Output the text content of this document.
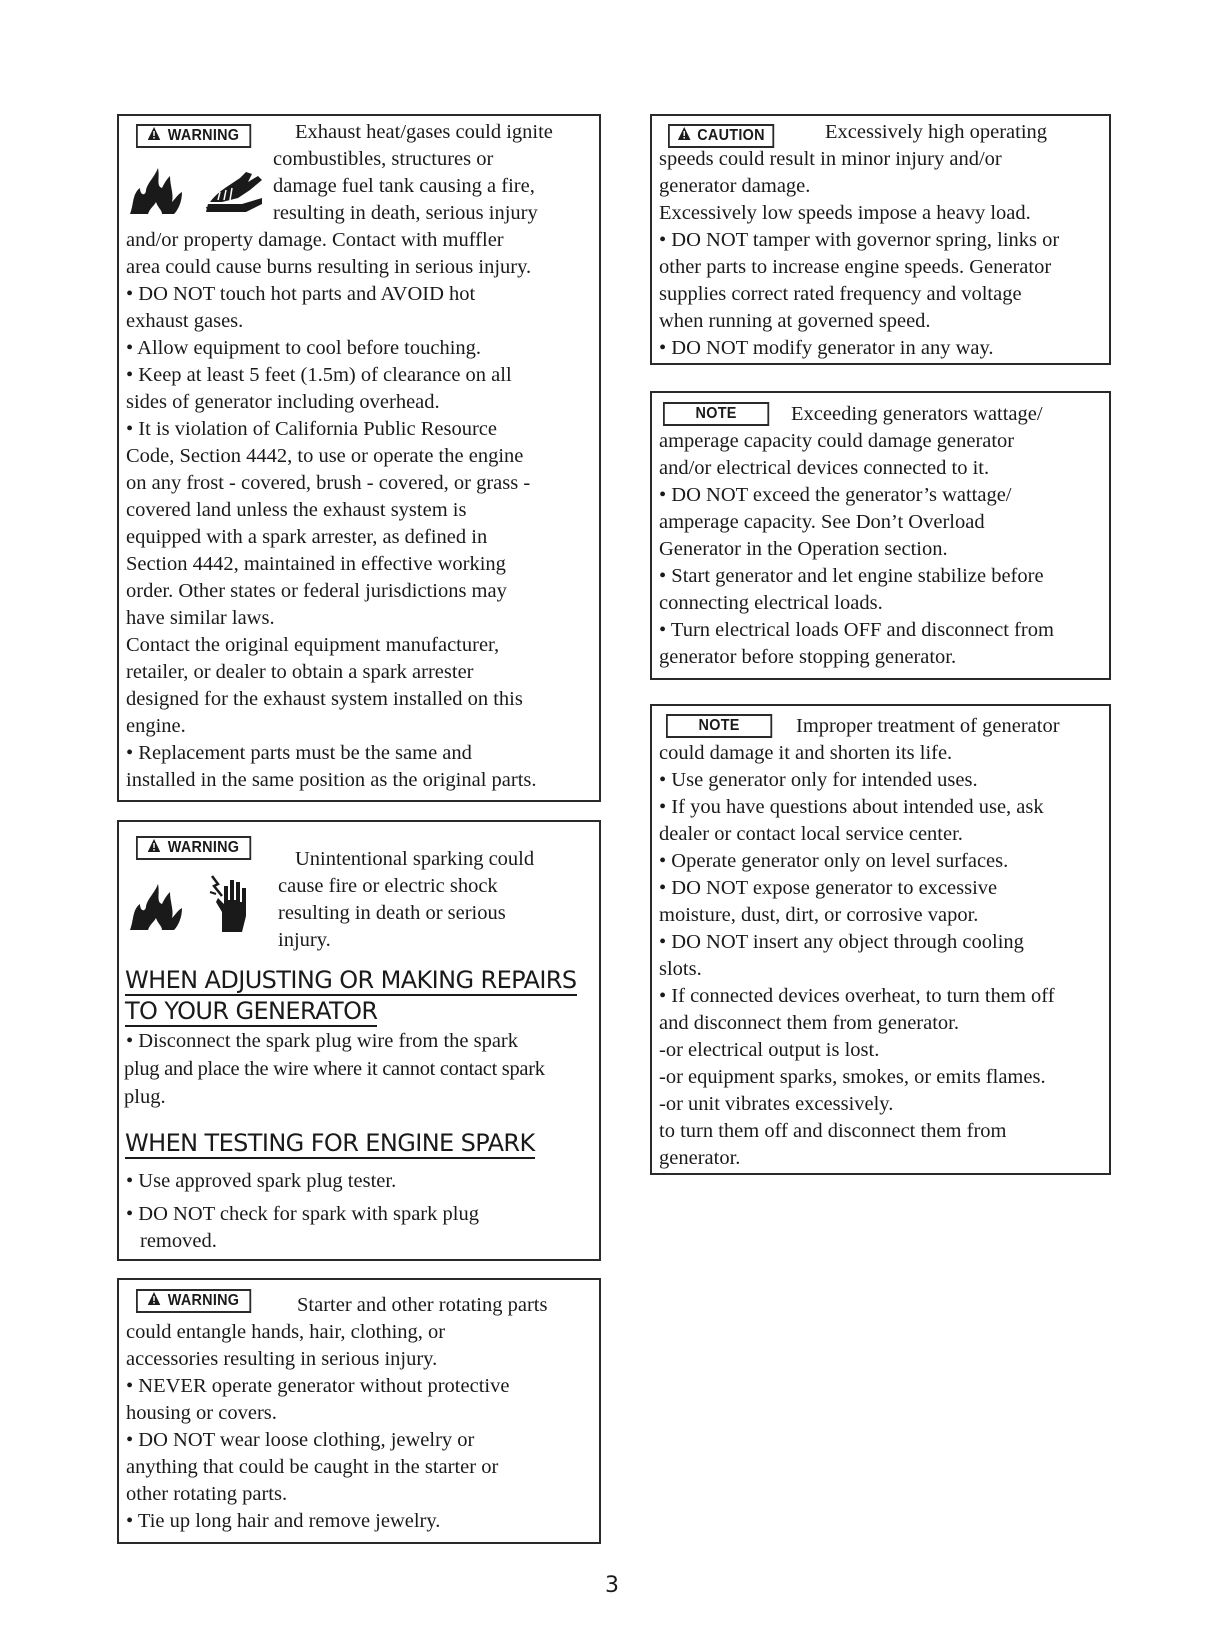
WARNING	Exhaust heat/gases could ignite
combustibles, structures or
damage fuel tank causing a fire,
resulting in death, serious injury
and/or property damage. Contact with muffler
area could cause burns resulting in serious injury.
• DO NOT touch hot parts and AVOID hot
exhaust gases.
• Allow equipment to cool before touching.
• Keep at least 5 feet (1.5m) of clearance on all
sides of generator including overhead.
• It is violation of California Public Resource
Code, Section 4442, to use or operate the engine
on any frost - covered, brush - covered, or grass -
covered land unless the exhaust system is
equipped with a spark arrester, as defined in
Section 4442, maintained in effective working
order. Other states or federal jurisdictions may
have similar laws.
Contact the original equipment manufacturer,
retailer, or dealer to obtain a spark arrester
designed for the exhaust system installed on this
engine.
• Replacement parts must be the same and
installed in the same position as the original parts.
WARNING
Unintentional sparking could
cause fire or electric shock
resulting in death or serious
injury.
WHEN ADJUSTING OR MAKING REPAIRS
TO YOUR GENERATOR
• Disconnect the spark plug wire from the spark
plug and place the wire where it cannot contact spark
plug.
WHEN TESTING FOR ENGINE SPARK
• Use approved spark plug tester.
• DO NOT check for spark with spark plug
removed.
WARNING	Starter and other rotating parts
could entangle hands, hair, clothing, or
accessories resulting in serious injury.
• NEVER operate generator without protective
housing or covers.
• DO NOT wear loose clothing, jewelry or
anything that could be caught in the starter or
other rotating parts.
• Tie up long hair and remove jewelry.
CAUTION	Excessively high operating
speeds could result in minor injury and/or
generator damage.
Excessively low speeds impose a heavy load.
• DO NOT tamper with governor spring, links or
other parts to increase engine speeds. Generator
supplies correct rated frequency and voltage
when running at governed speed.
• DO NOT modify generator in any way.
NOTE	Exceeding generators wattage/
amperage capacity could damage generator
and/or electrical devices connected to it.
• DO NOT exceed the generator’s wattage/
amperage capacity. See Don’t Overload
Generator in the Operation section.
• Start generator and let engine stabilize before
connecting electrical loads.
• Turn electrical loads OFF and disconnect from
generator before stopping generator.
NOTE	Improper treatment of generator
could damage it and shorten its life.
• Use generator only for intended uses.
• If you have questions about intended use, ask
dealer or contact local service center.
• Operate generator only on level surfaces.
• DO NOT expose generator to excessive
moisture, dust, dirt, or corrosive vapor.
• DO NOT insert any object through cooling
slots.
• If connected devices overheat, to turn them off
and disconnect them from generator.
-or electrical output is lost.
-or equipment sparks, smokes, or emits flames.
-or unit vibrates excessively.
to turn them off and disconnect them from
generator.
3
